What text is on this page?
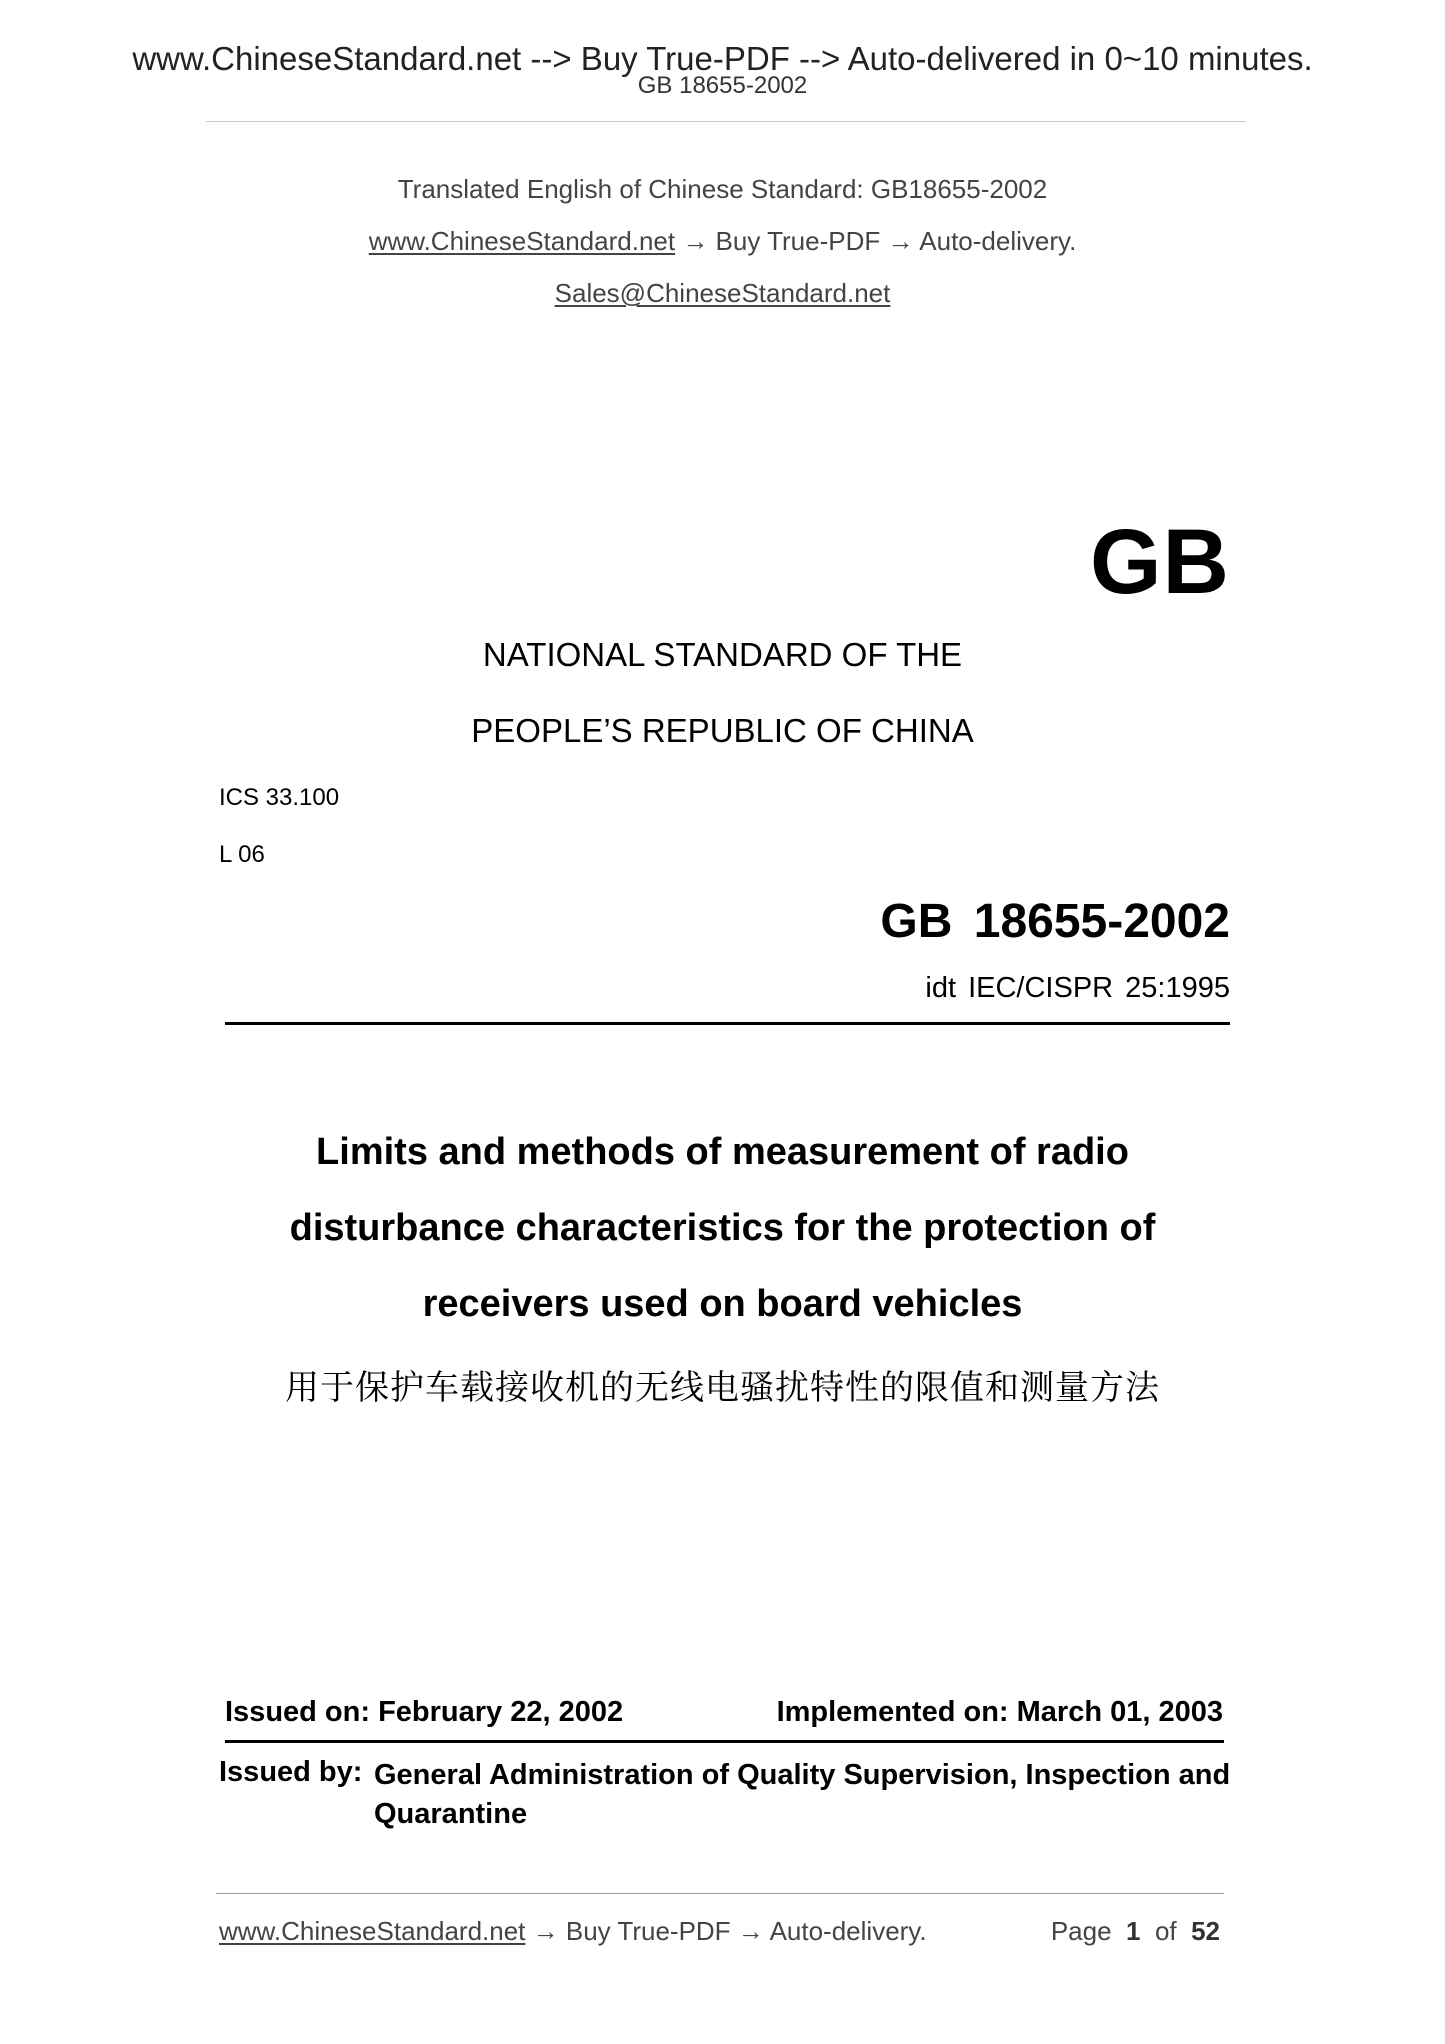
www.ChineseStandard.net --> Buy True-PDF --> Auto-delivered in 0~10 minutes.
GB 18655-2002
Translated English of Chinese Standard: GB18655-2002
www.ChineseStandard.net → Buy True-PDF → Auto-delivery.
Sales@ChineseStandard.net
GB
NATIONAL STANDARD OF THE
PEOPLE’S REPUBLIC OF CHINA
ICS 33.100
L 06
GB 18655-2002
idt IEC/CISPR 25:1995
Limits and methods of measurement of radio
disturbance characteristics for the protection of
receivers used on board vehicles
用于保护车载接收机的无线电骚扰特性的限值和测量方法
Issued on: February 22, 2002	Implemented on: March 01, 2003
Issued by: General Administration of Quality Supervision, Inspection and Quarantine
www.ChineseStandard.net → Buy True-PDF → Auto-delivery.	Page 1 of 52
